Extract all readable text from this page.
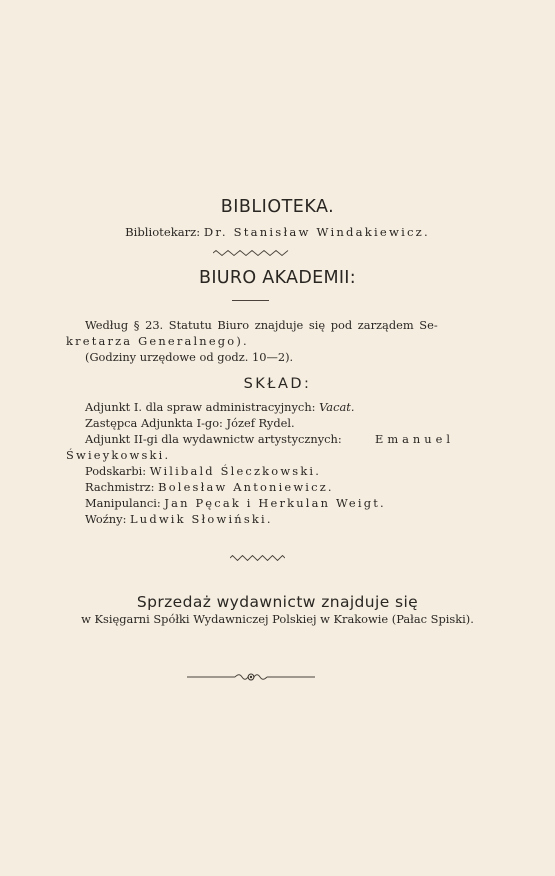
BIBLIOTEKA.
Bibliotekarz: Dr. Stanisław Windakiewicz.
BIURO AKADEMII:
Według § 23. Statutu Biuro znajduje się pod zarządem Se-
kretarza Generalnego).
(Godziny urzędowe od godz. 10—2).
SKŁAD:
Adjunkt I. dla spraw administracyjnych: Vacat.
Zastępca Adjunkta I-go: Józef Rydel.
Adjunkt II-gi dla wydawnictw artystycznych:	Emanuel
Świeykowski.
Podskarbi: Wilibald Śleczkowski.
Rachmistrz: Bolesław Antoniewicz.
Manipulanci: Jan Pęcak i Herkulan Weigt.
Woźny: Ludwik Słowiński.
Sprzedaż wydawnictw znajduje się
w Księgarni Spółki Wydawniczej Polskiej w Krakowie (Pałac Spiski).
